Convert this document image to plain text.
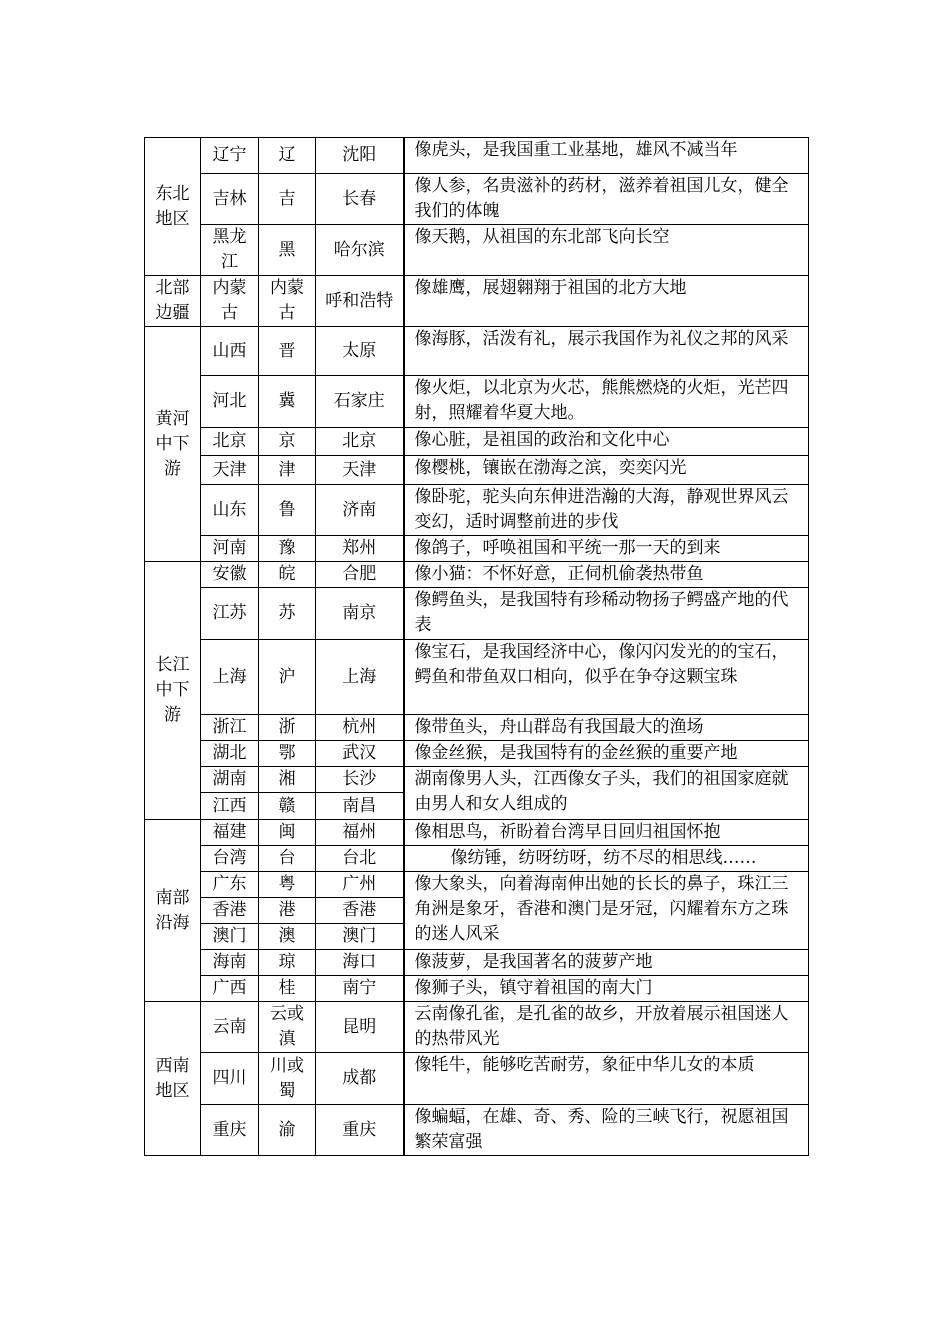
东北地区	辽宁	辽	沈阳	像虎头，是我国重工业基地，雄风不减当年
	吉林	吉	长春	像人参，名贵滋补的药材，滋养着祖国儿女，健全我们的体魄
	黑龙江	黑	哈尔滨	像天鹅，从祖国的东北部飞向长空
北部边疆	内蒙古	内蒙古	呼和浩特	像雄鹰，展翅翱翔于祖国的北方大地
黄河中下游	山西	晋	太原	像海豚，活泼有礼，展示我国作为礼仪之邦的风采
	河北	冀	石家庄	像火炬，以北京为火芯，熊熊燃烧的火炬，光芒四射，照耀着华夏大地。
	北京	京	北京	像心脏，是祖国的政治和文化中心
	天津	津	天津	像樱桃，镶嵌在渤海之滨，奕奕闪光
	山东	鲁	济南	像卧驼，驼头向东伸进浩瀚的大海，静观世界风云变幻，适时调整前进的步伐
	河南	豫	郑州	像鸽子，呼唤祖国和平统一那一天的到来
长江中下游	安徽	皖	合肥	像小猫：不怀好意，正伺机偷袭热带鱼
	江苏	苏	南京	像鳄鱼头，是我国特有珍稀动物扬子鳄盛产地的代表
	上海	沪	上海	像宝石，是我国经济中心，像闪闪发光的的宝石，鳄鱼和带鱼双口相向，似乎在争夺这颗宝珠
	浙江	浙	杭州	像带鱼头，舟山群岛有我国最大的渔场
	湖北	鄂	武汉	像金丝猴，是我国特有的金丝猴的重要产地
	湖南	湘	长沙	湖南像男人头，江西像女子头，我们的祖国家庭就由男人和女人组成的
	江西	赣	南昌	
南部沿海	福建	闽	福州	像相思鸟，祈盼着台湾早日回归祖国怀抱
	台湾	台	台北	像纺锤，纺呀纺呀，纺不尽的相思线……
	广东	粤	广州	像大象头，向着海南伸出她的长长的鼻子，珠江三角洲是象牙，香港和澳门是牙冠，闪耀着东方之珠的迷人风采
	香港	港	香港	
	澳门	澳	澳门	
	海南	琼	海口	像菠萝，是我国著名的菠萝产地
	广西	桂	南宁	像狮子头，镇守着祖国的南大门
西南地区	云南	云或滇	昆明	云南像孔雀，是孔雀的故乡，开放着展示祖国迷人的热带风光
	四川	川或蜀	成都	像牦牛，能够吃苦耐劳，象征中华儿女的本质
	重庆	渝	重庆	像蝙蝠，在雄、奇、秀、险的三峡飞行，祝愿祖国繁荣富强
